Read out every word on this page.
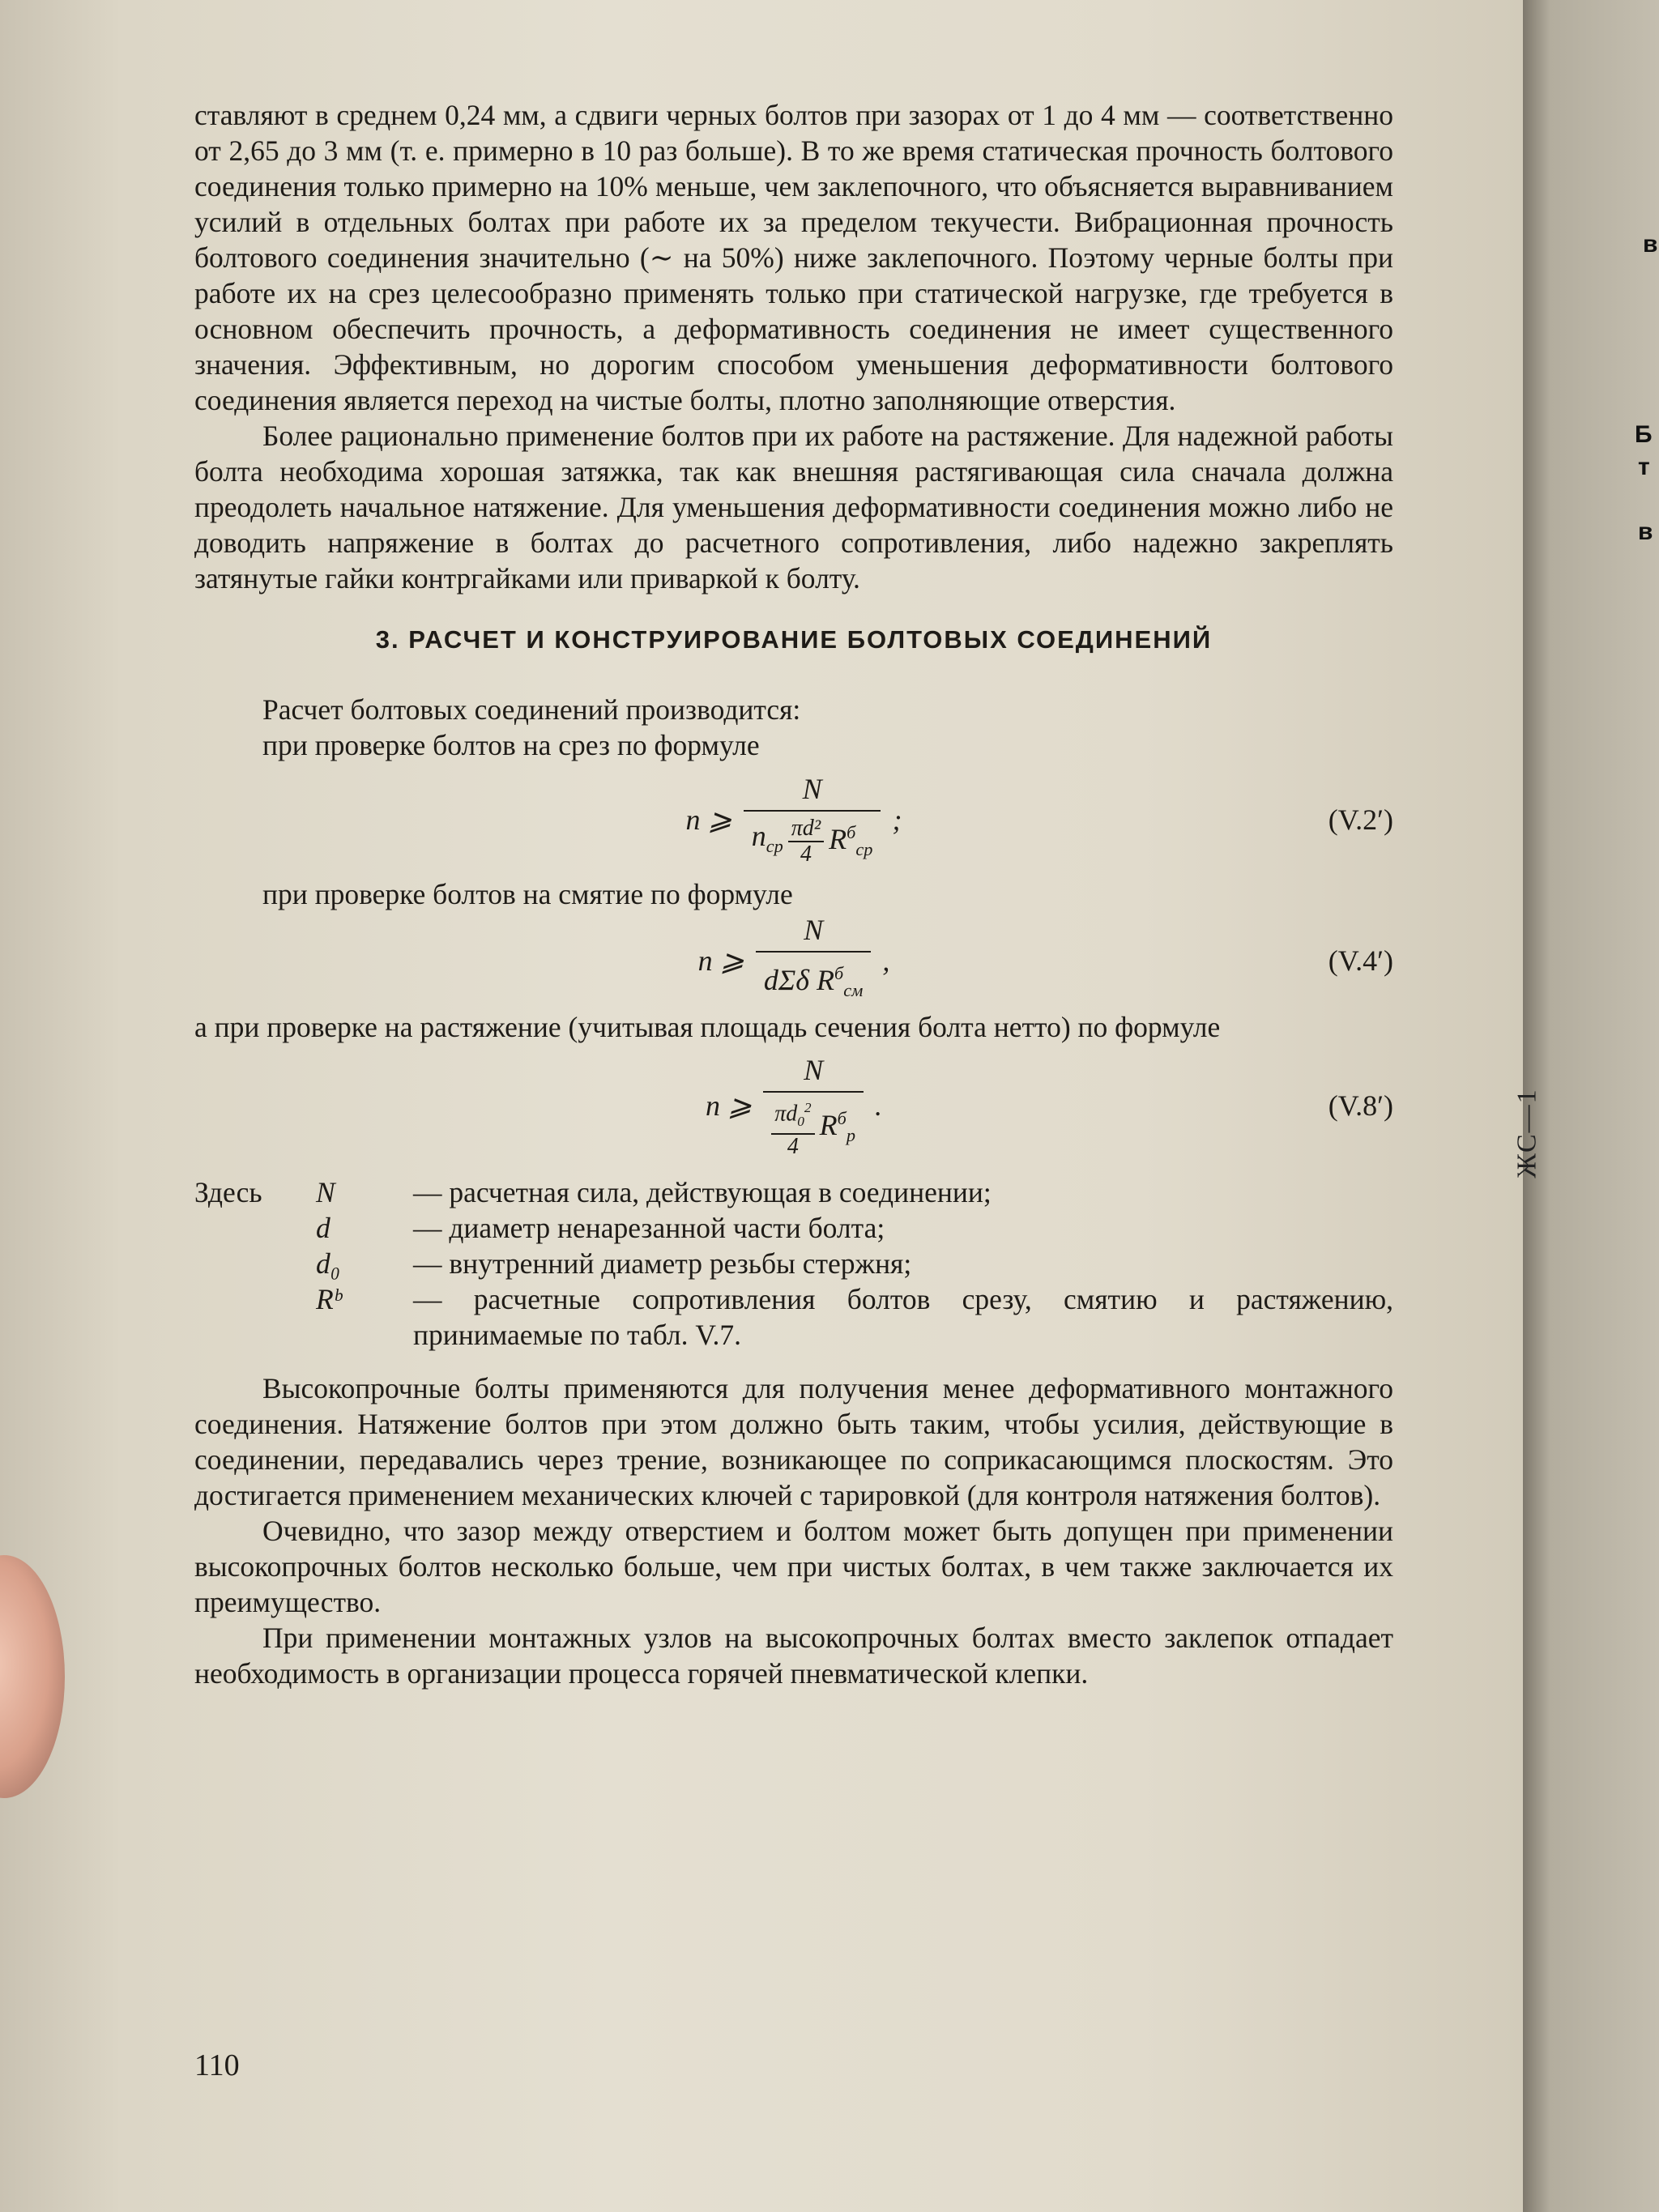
в
Б
т
в
ЖС—1

ставляют в среднем 0,24 мм, а сдвиги черных болтов при зазорах от 1 до 4 мм — соответственно от 2,65 до 3 мм (т. е. примерно в 10 раз больше). В то же время статическая прочность болтового соединения только примерно на 10% меньше, чем заклепочного, что объясняется выравниванием усилий в отдельных болтах при работе их за пределом текучести. Вибрационная прочность болтового соединения значительно (∼ на 50%) ниже заклепочного. Поэтому черные болты при работе их на срез целесообразно применять только при статической нагрузке, где требуется в основном обеспечить прочность, а деформативность соединения не имеет существенного значения. Эффективным, но дорогим способом уменьшения деформативности болтового соединения является переход на чистые болты, плотно заполняющие отверстия.

Более рационально применение болтов при их работе на растяжение. Для надежной работы болта необходима хорошая затяжка, так как внешняя растягивающая сила сначала должна преодолеть начальное натяжение. Для уменьшения деформативности соединения можно либо не доводить напряжение в болтах до расчетного сопротивления, либо надежно закреплять затянутые гайки контргайками или приваркой к болту.

3. РАСЧЕТ И КОНСТРУИРОВАНИЕ БОЛТОВЫХ СОЕДИНЕНИЙ

Расчет болтовых соединений производится:

при проверке болтов на срез по формуле

n ⩾
N
$n_{ср} \frac{\text{πd²}}{4} R^б_{ср}$
;	(V.2′)

при проверке болтов на смятие по формуле

n ⩾ $\frac{N}{d\Sigma\delta R^б_{см}}$ ,	(V.4′)

а при проверке на растяжение (учитывая площадь сечения болта нетто) по формуле

n ⩾ $\frac{N}{\frac{\pi d_0^2}{4} R^б_р}$ .	(V.8′)
Здесь	N	— расчетная сила, действующая в соединении;
d	— диаметр ненарезанной части болта;
d₀	— внутренний диаметр резьбы стержня;
Rᵇ	— расчетные сопротивления болтов срезу, смятию и растяжению, принимаемые по табл. V.7.

Высокопрочные болты применяются для получения менее деформативного монтажного соединения. Натяжение болтов при этом должно быть таким, чтобы усилия, действующие в соединении, передавались через трение, возникающее по соприкасающимся плоскостям. Это достигается применением механических ключей с тарировкой (для контроля натяжения болтов).

Очевидно, что зазор между отверстием и болтом может быть допущен при применении высокопрочных болтов несколько больше, чем при чистых болтах, в чем также заключается их преимущество.

При применении монтажных узлов на высокопрочных болтах вместо заклепок отпадает необходимость в организации процесса горячей пневматической клепки.

110
